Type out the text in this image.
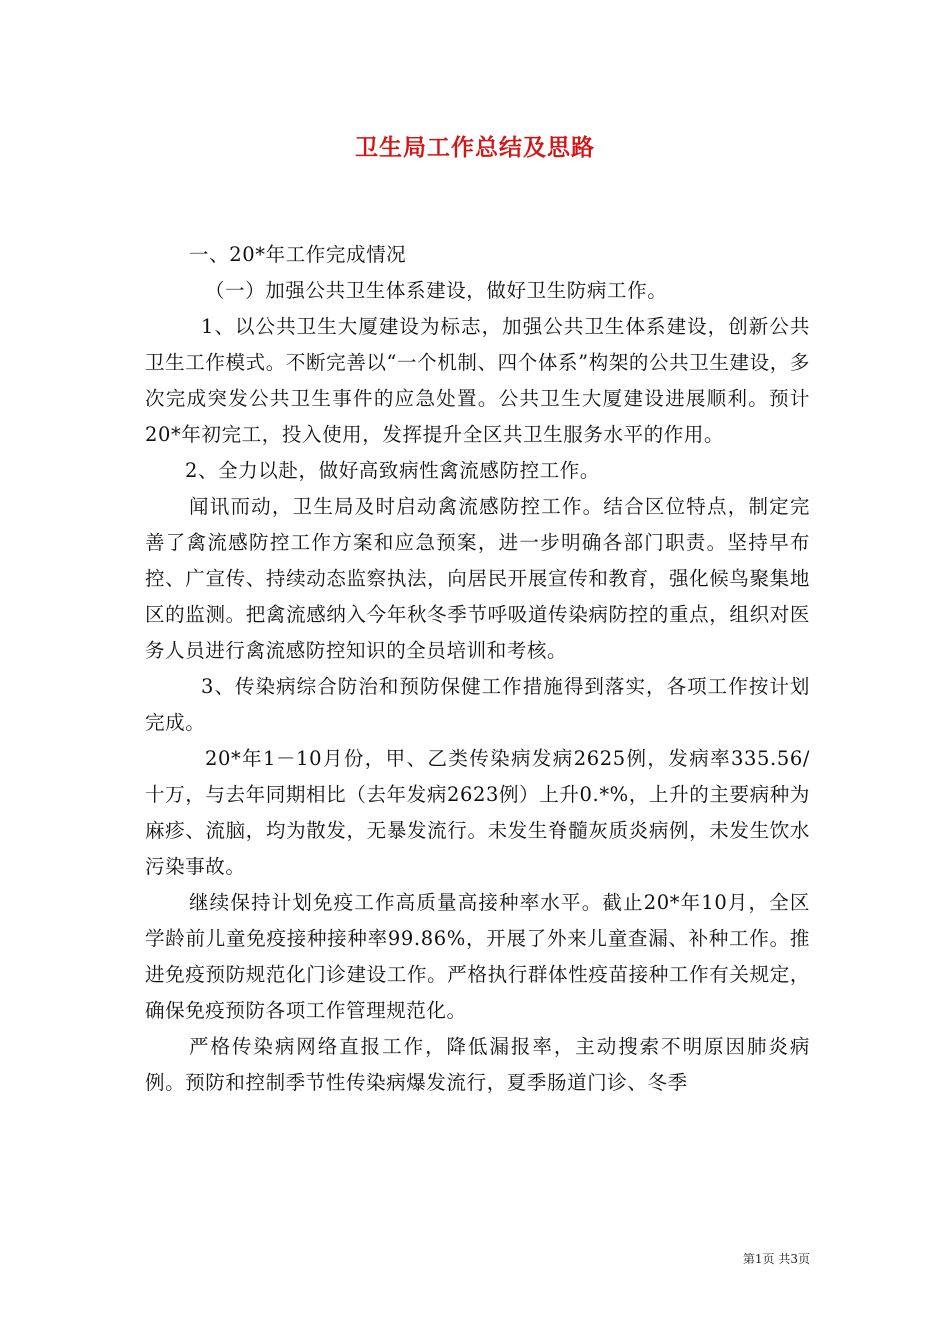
卫生局工作总结及思路

一、20*年工作完成情况

（一）加强公共卫生体系建设，做好卫生防病工作。

1、以公共卫生大厦建设为标志，加强公共卫生体系建设，创新公共卫生工作模式。不断完善以“一个机制、四个体系”构架的公共卫生建设，多次完成突发公共卫生事件的应急处置。公共卫生大厦建设进展顺利。预计20*年初完工，投入使用，发挥提升全区共卫生服务水平的作用。

2、全力以赴，做好高致病性禽流感防控工作。

闻讯而动，卫生局及时启动禽流感防控工作。结合区位特点，制定完善了禽流感防控工作方案和应急预案，进一步明确各部门职责。坚持早布控、广宣传、持续动态监察执法，向居民开展宣传和教育，强化候鸟聚集地区的监测。把禽流感纳入今年秋冬季节呼吸道传染病防控的重点，组织对医务人员进行禽流感防控知识的全员培训和考核。

3、传染病综合防治和预防保健工作措施得到落实，各项工作按计划完成。

20*年1－10月份，甲、乙类传染病发病2625例，发病率335.56/十万，与去年同期相比（去年发病2623例）上升0.*%，上升的主要病种为麻疹、流脑，均为散发，无暴发流行。未发生脊髓灰质炎病例，未发生饮水污染事故。

继续保持计划免疫工作高质量高接种率水平。截止20*年10月，全区学龄前儿童免疫接种接种率99.86%，开展了外来儿童查漏、补种工作。推进免疫预防规范化门诊建设工作。严格执行群体性疫苗接种工作有关规定，确保免疫预防各项工作管理规范化。

严格传染病网络直报工作，降低漏报率，主动搜索不明原因肺炎病例。预防和控制季节性传染病爆发流行，夏季肠道门诊、冬季

第1页 共3页
